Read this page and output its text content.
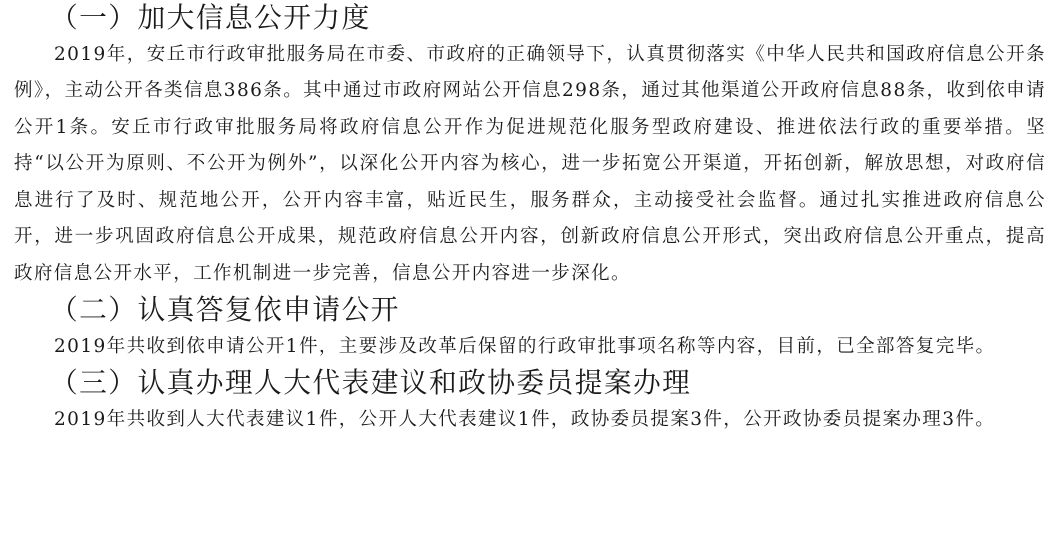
（一）加大信息公开力度

2019年，安丘市行政审批服务局在市委、市政府的正确领导下，认真贯彻落实《中华人民共和国政府信息公开条例》，主动公开各类信息386条。其中通过市政府网站公开信息298条，通过其他渠道公开政府信息88条，收到依申请公开1条。安丘市行政审批服务局将政府信息公开作为促进规范化服务型政府建设、推进依法行政的重要举措。坚持“以公开为原则、不公开为例外”，以深化公开内容为核心，进一步拓宽公开渠道，开拓创新，解放思想，对政府信息进行了及时、规范地公开，公开内容丰富，贴近民生，服务群众，主动接受社会监督。通过扎实推进政府信息公开，进一步巩固政府信息公开成果，规范政府信息公开内容，创新政府信息公开形式，突出政府信息公开重点，提高政府信息公开水平，工作机制进一步完善，信息公开内容进一步深化。

（二）认真答复依申请公开

2019年共收到依申请公开1件，主要涉及改革后保留的行政审批事项名称等内容，目前，已全部答复完毕。

（三）认真办理人大代表建议和政协委员提案办理

2019年共收到人大代表建议1件，公开人大代表建议1件，政协委员提案3件，公开政协委员提案办理3件。
